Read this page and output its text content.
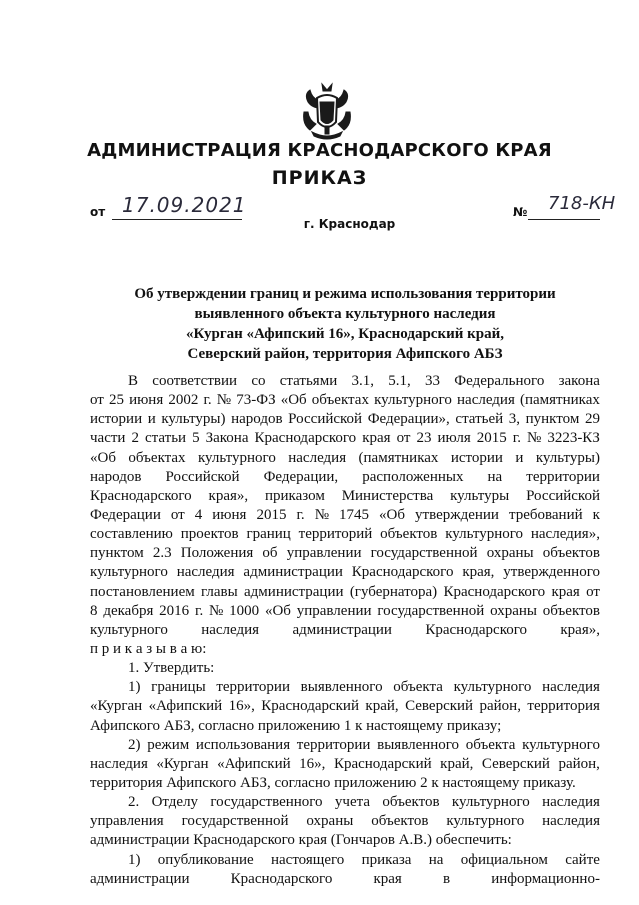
АДМИНИСТРАЦИЯ КРАСНОДАРСКОГО КРАЯ
ПРИКАЗ
от 17.09.2021	№ 718-КН
г. Краснодар
Об утверждении границ и режима использования территории
выявленного объекта культурного наследия
«Курган «Афипский 16», Краснодарский край,
Северский район, территория Афипского АБЗ
В соответствии со статьями 3.1, 5.1, 33 Федерального закона
от 25 июня 2002 г. № 73-ФЗ «Об объектах культурного наследия (памятниках
истории и культуры) народов Российской Федерации», статьей 3, пунктом 29
части 2 статьи 5 Закона Краснодарского края от 23 июля 2015 г. № 3223-КЗ
«Об объектах культурного наследия (памятниках истории и культуры)
народов Российской Федерации, расположенных на территории
Краснодарского края», приказом Министерства культуры Российской
Федерации от 4 июня 2015 г. № 1745 «Об утверждении требований к
составлению проектов границ территорий объектов культурного наследия»,
пунктом 2.3 Положения об управлении государственной охраны объектов
культурного наследия администрации Краснодарского края, утвержденного
постановлением главы администрации (губернатора) Краснодарского края от
8 декабря 2016 г. № 1000 «Об управлении государственной охраны объектов
культурного наследия администрации Краснодарского края»,
п р и к а з ы в а ю:
1. Утвердить:
1) границы территории выявленного объекта культурного наследия
«Курган «Афипский 16», Краснодарский край, Северский район, территория
Афипского АБЗ, согласно приложению 1 к настоящему приказу;
2) режим использования территории выявленного объекта культурного
наследия «Курган «Афипский 16», Краснодарский край, Северский район,
территория Афипского АБЗ, согласно приложению 2 к настоящему приказу.
2. Отделу государственного учета объектов культурного наследия
управления государственной охраны объектов культурного наследия
администрации Краснодарского края (Гончаров А.В.) обеспечить:
1) опубликование настоящего приказа на официальном сайте
администрации	Краснодарского	края	в	информационно-
